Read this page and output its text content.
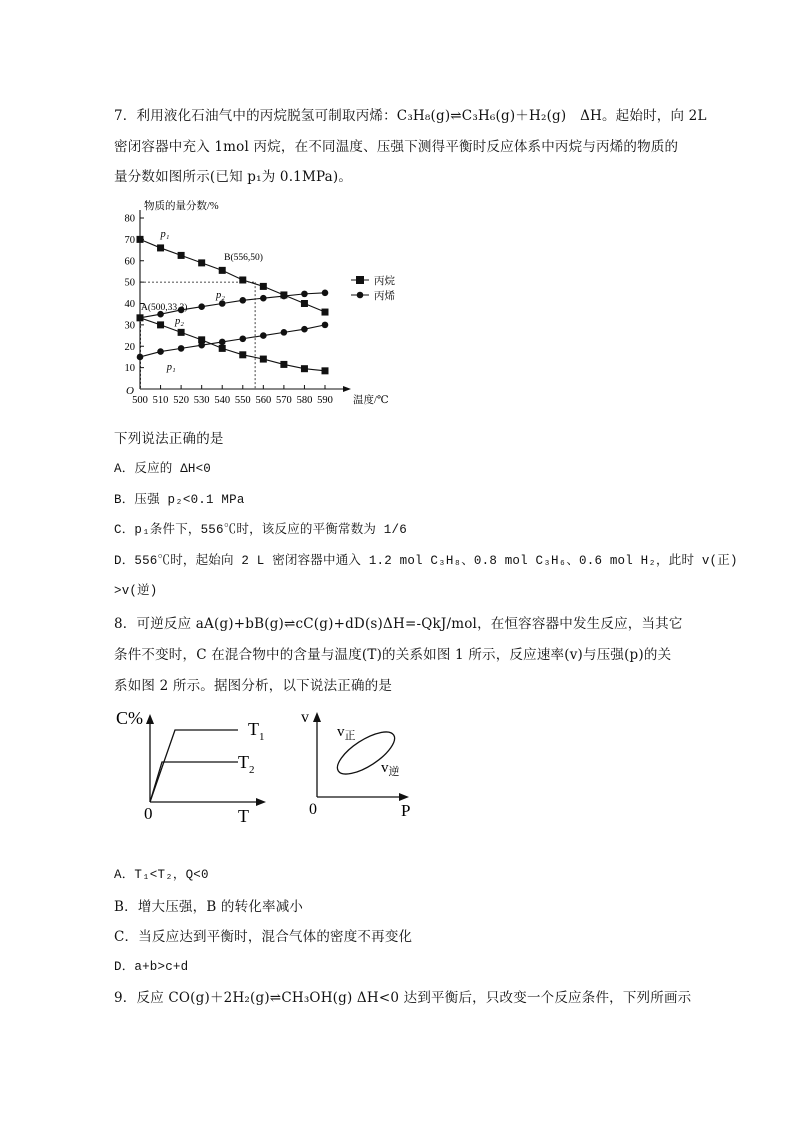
7．利用液化石油气中的丙烷脱氢可制取丙烯：C₃H₈(g)⇌C₃H₆(g)＋H₂(g)　ΔH。起始时，向 2L
密闭容器中充入 1mol 丙烷，在不同温度、压强下测得平衡时反应体系中丙烷与丙烯的物质的
量分数如图所示(已知 p₁为 0.1MPa)。
10
20
30
40
50
60
70
80
500 510 520 530 540 550 560 570 580 590
O
物质的量分数/%
温度/℃
p₁
p₂
p₂
p₁
B(556,50)
A(500,33.3)
丙烷
丙烯
下列说法正确的是
A．反应的 ΔH<0
B．压强 p₂<0.1 MPa
C．p₁条件下，556℃时，该反应的平衡常数为 1/6
D．556℃时，起始向 2 L 密闭容器中通入 1.2 mol C₃H₈、0.8 mol C₃H₆、0.6 mol H₂，此时 v(正)
>v(逆)
8．可逆反应 aA(g)+bB(g)⇌cC(g)+dD(s)ΔH=-QkJ/mol，在恒容容器中发生反应，当其它
条件不变时，C 在混合物中的含量与温度(T)的关系如图 1 所示，反应速率(v)与压强(p)的关
系如图 2 所示。据图分析，以下说法正确的是
C%
0	T
$T_1$
$T_2$
v
0	P
$v_正$
$v_逆$
A．T₁<T₂，Q<0
B．增大压强，B 的转化率减小
C．当反应达到平衡时，混合气体的密度不再变化
D．a+b>c+d
9．反应 CO(g)＋2H₂(g)⇌CH₃OH(g) ΔH<0 达到平衡后，只改变一个反应条件，下列所画示
